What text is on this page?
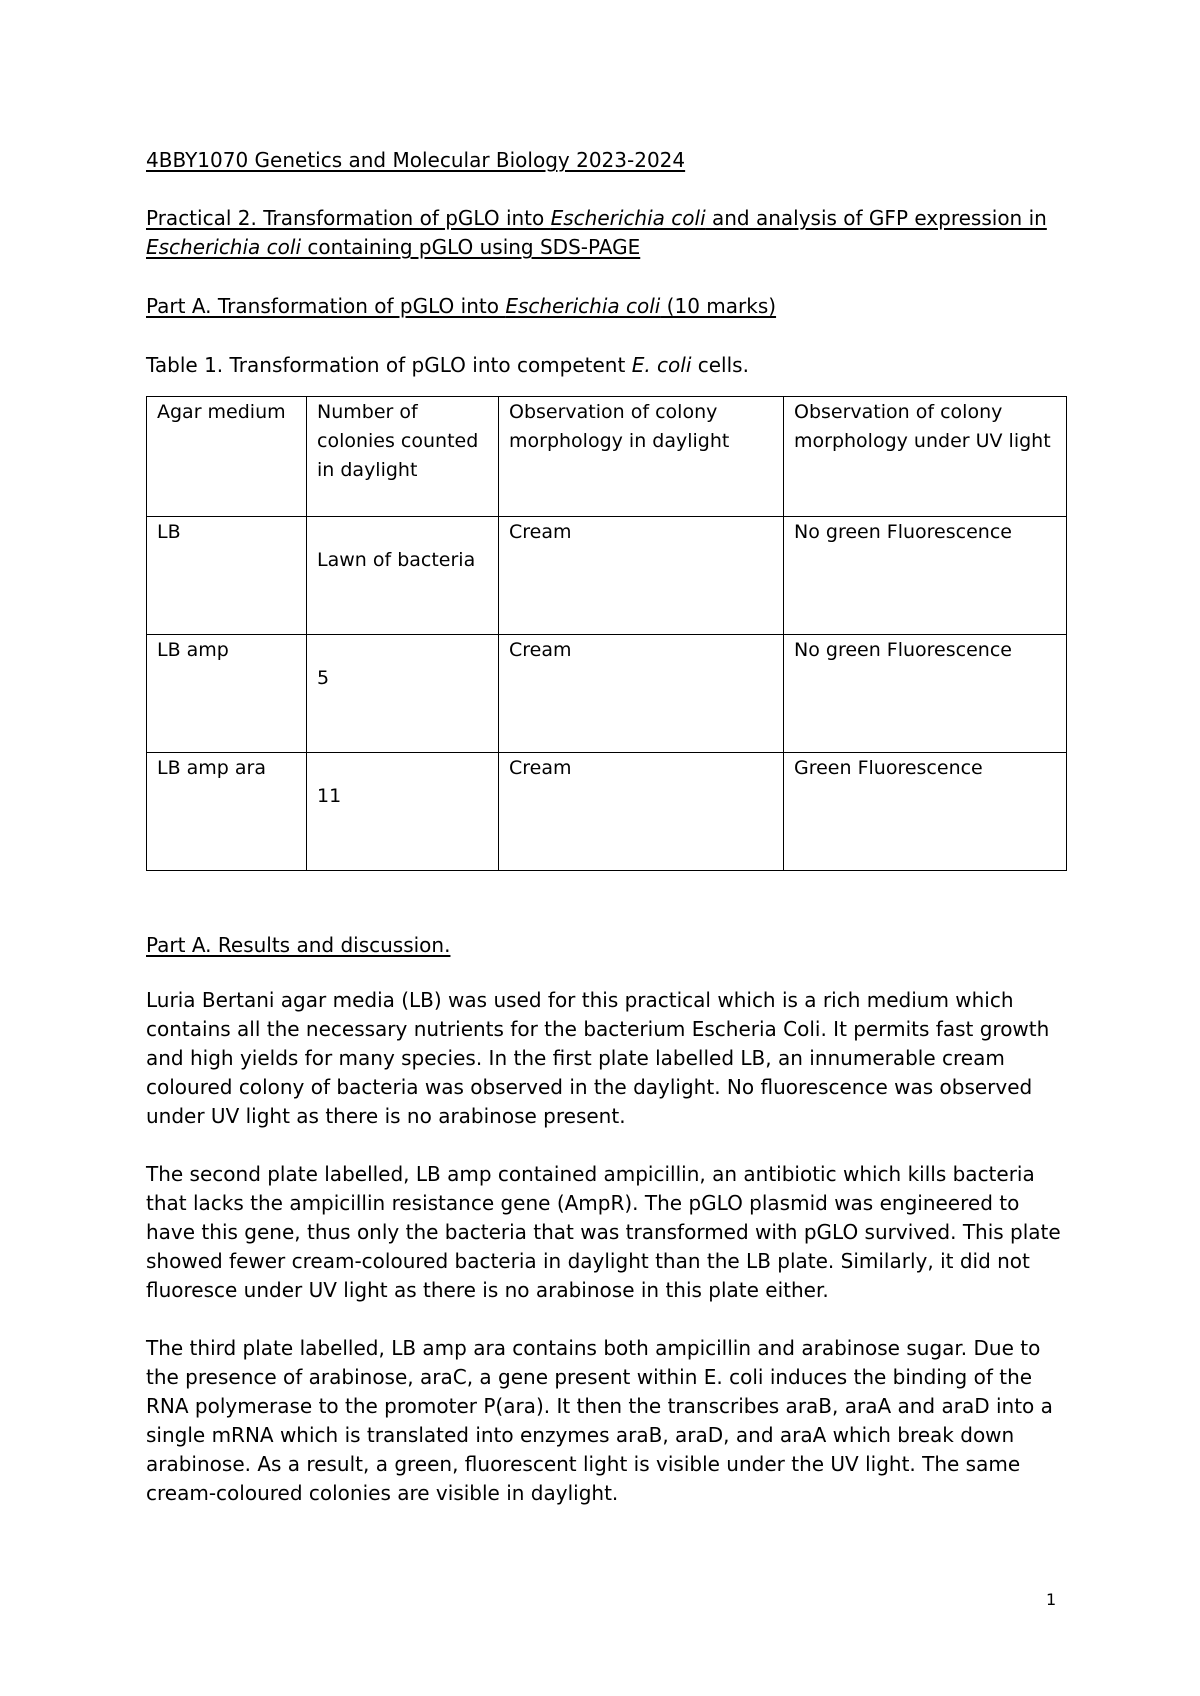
4BBY1070 Genetics and Molecular Biology 2023-2024

Practical 2. Transformation of pGLO into Escherichia coli and analysis of GFP expression in Escherichia coli containing pGLO using SDS-PAGE

Part A. Transformation of pGLO into Escherichia coli (10 marks)

Table 1. Transformation of pGLO into competent E. coli cells.

Agar medium	Number of colonies counted in daylight	Observation of colony morphology in daylight	Observation of colony morphology under UV light

LB	Lawn of bacteria	Cream	No green Fluorescence

LB amp	5	Cream	No green Fluorescence

LB amp ara	11	Cream	Green Fluorescence

Part A. Results and discussion.

Luria Bertani agar media (LB) was used for this practical which is a rich medium which contains all the necessary nutrients for the bacterium Escheria Coli. It permits fast growth and high yields for many species. In the first plate labelled LB, an innumerable cream coloured colony of bacteria was observed in the daylight. No fluorescence was observed under UV light as there is no arabinose present.

The second plate labelled, LB amp contained ampicillin, an antibiotic which kills bacteria that lacks the ampicillin resistance gene (AmpR). The pGLO plasmid was engineered to have this gene, thus only the bacteria that was transformed with pGLO survived. This plate showed fewer cream-coloured bacteria in daylight than the LB plate. Similarly, it did not fluoresce under UV light as there is no arabinose in this plate either.

The third plate labelled, LB amp ara contains both ampicillin and arabinose sugar. Due to the presence of arabinose, araC, a gene present within E. coli induces the binding of the RNA polymerase to the promoter P(ara). It then the transcribes araB, araA and araD into a single mRNA which is translated into enzymes araB, araD, and araA which break down arabinose. As a result, a green, fluorescent light is visible under the UV light. The same cream-coloured colonies are visible in daylight.

1
